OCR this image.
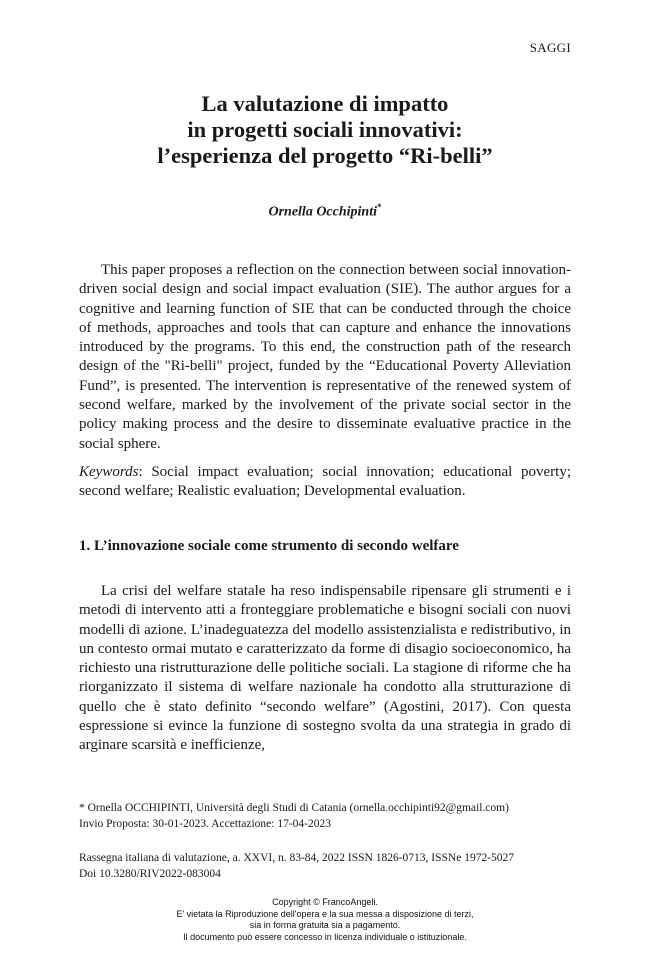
SAGGI
La valutazione di impatto
in progetti sociali innovativi:
l’esperienza del progetto “Ri-belli”
Ornella Occhipinti*

This paper proposes a reflection on the connection between social innovation-driven social design and social impact evaluation (SIE). The author argues for a cognitive and learning function of SIE that can be conducted through the choice of methods, approaches and tools that can capture and enhance the innovations introduced by the programs. To this end, the construction path of the research design of the "Ri-belli" project, funded by the “Educational Poverty Alleviation Fund”, is presented. The intervention is representative of the renewed system of second welfare, marked by the involvement of the private social sector in the policy making process and the desire to disseminate evaluative practice in the social sphere.

Keywords: Social impact evaluation; social innovation; educational poverty; second welfare; Realistic evaluation; Developmental evaluation.

1. L’innovazione sociale come strumento di secondo welfare

La crisi del welfare statale ha reso indispensabile ripensare gli strumenti e i metodi di intervento atti a fronteggiare problematiche e bisogni sociali con nuovi modelli di azione. L’inadeguatezza del modello assistenzialista e redistributivo, in un contesto ormai mutato e caratterizzato da forme di disagio socioeconomico, ha richiesto una ristrutturazione delle politiche sociali. La stagione di riforme che ha riorganizzato il sistema di welfare nazionale ha condotto alla strutturazione di quello che è stato definito “secondo welfare” (Agostini, 2017). Con questa espressione si evince la funzione di sostegno svolta da una strategia in grado di arginare scarsità e inefficienze,

* Ornella OCCHIPINTI, Università degli Studi di Catania (ornella.occhipinti92@gmail.com)
Invio Proposta: 30-01-2023. Accettazione: 17-04-2023
Rassegna italiana di valutazione, a. XXVI, n. 83-84, 2022 ISSN 1826-0713, ISSNe 1972-5027
Doi 10.3280/RIV2022-083004
Copyright © FrancoAngeli.
E' vietata la Riproduzione dell'opera e la sua messa a disposizione di terzi,
sia in forma gratuita sia a pagamento.
Il documento può essere concesso in licenza individuale o istituzionale.
